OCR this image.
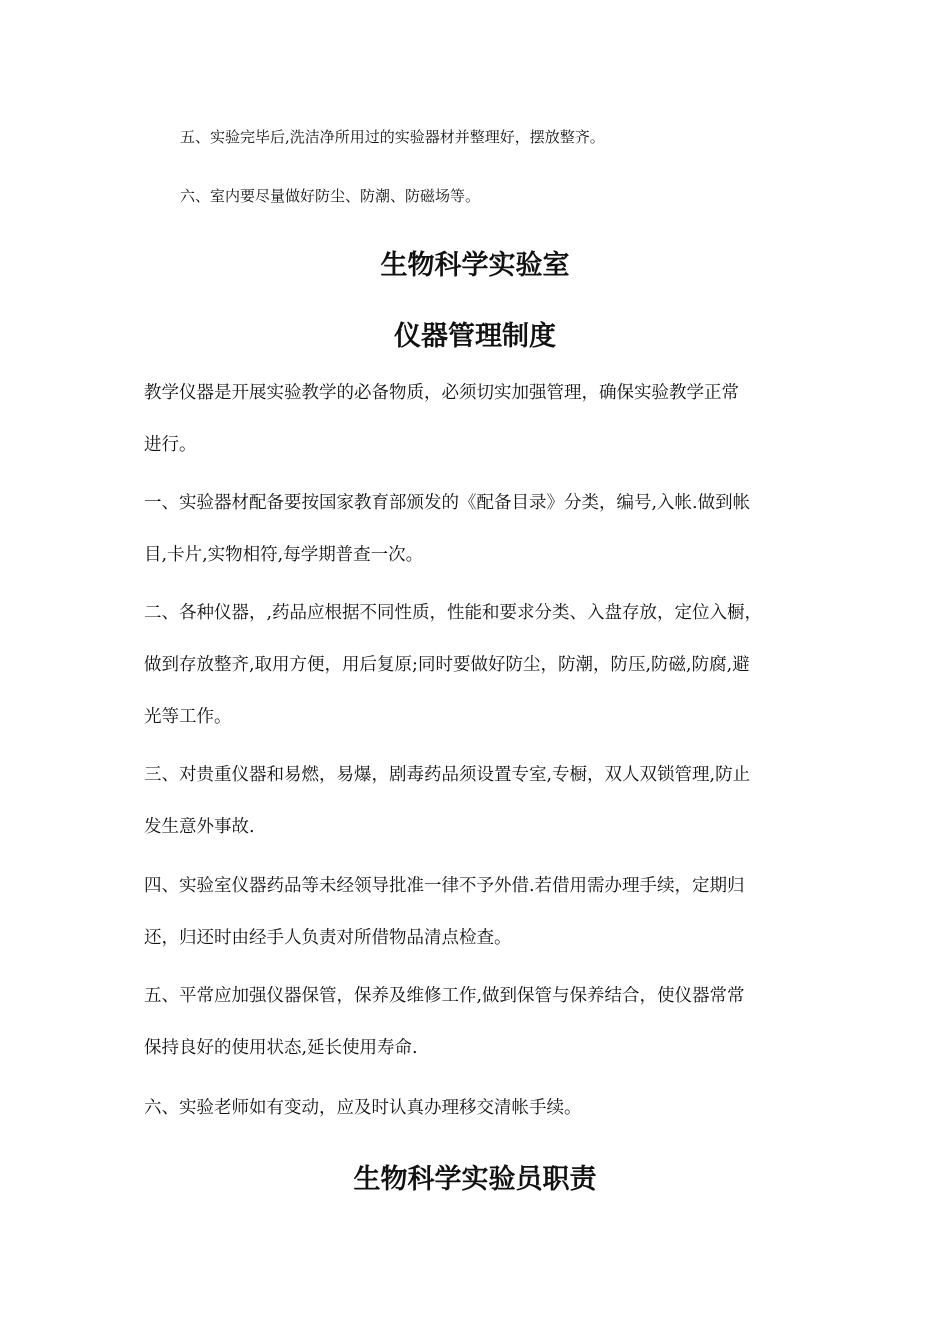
五、实验完毕后,洗洁净所用过的实验器材并整理好，摆放整齐。
六、室内要尽量做好防尘、防潮、防磁场等。
生物科学实验室
仪器管理制度
教学仪器是开展实验教学的必备物质，必须切实加强管理，确保实验教学正常
进行。
一、实验器材配备要按国家教育部颁发的《配备目录》分类，编号,入帐.做到帐
目,卡片,实物相符,每学期普查一次。
二、各种仪器，,药品应根据不同性质，性能和要求分类、入盘存放，定位入橱，
做到存放整齐,取用方便，用后复原;同时要做好防尘，防潮，防压,防磁,防腐,避
光等工作。
三、对贵重仪器和易燃，易爆，剧毒药品须设置专室,专橱，双人双锁管理,防止
发生意外事故.
四、实验室仪器药品等未经领导批准一律不予外借.若借用需办理手续，定期归
还，归还时由经手人负责对所借物品清点检查。
五、平常应加强仪器保管，保养及维修工作,做到保管与保养结合，使仪器常常
保持良好的使用状态,延长使用寿命.
六、实验老师如有变动，应及时认真办理移交清帐手续。
生物科学实验员职责
